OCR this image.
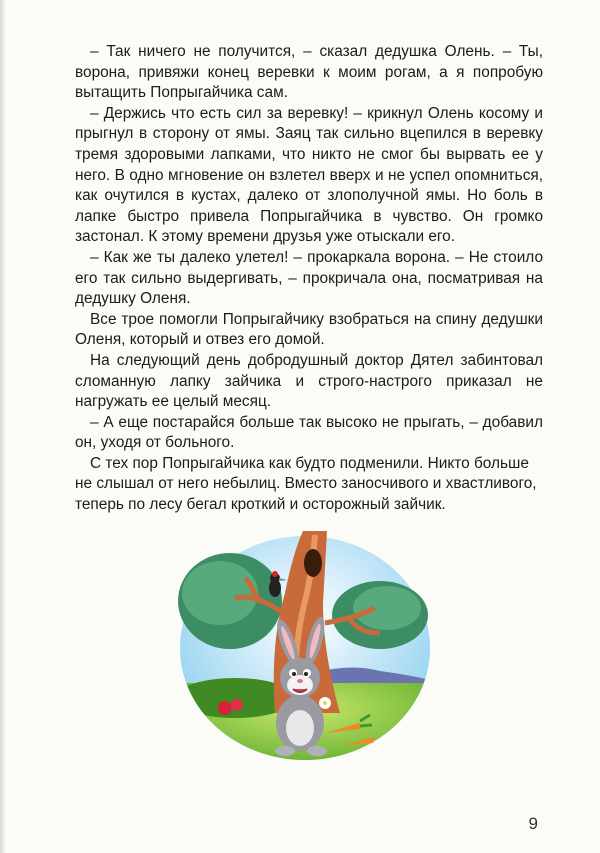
– Так ничего не получится, – сказал дедушка Олень. – Ты, ворона, привяжи конец веревки к моим рогам, а я попробую вытащить Попрыгайчика сам.

– Держись что есть сил за веревку! – крикнул Олень косому и прыгнул в сторону от ямы. Заяц так сильно вцепился в веревку тремя здоровыми лапками, что никто не смог бы вырвать ее у него. В одно мгновение он взлетел вверх и не успел опомниться, как очутился в кустах, далеко от злополучной ямы. Но боль в лапке быстро привела Попрыгайчика в чувство. Он громко застонал. К этому времени друзья уже отыскали его.

– Как же ты далеко улетел! – прокаркала ворона. – Не стоило его так сильно выдергивать, – прокричала она, посматривая на дедушку Оленя.

Все трое помогли Попрыгайчику взобраться на спину дедушки Оленя, который и отвез его домой.

На следующий день добродушный доктор Дятел забинтовал сломанную лапку зайчика и строго-настрого приказал не нагружать ее целый месяц.

– А еще постарайся больше так высоко не прыгать, – добавил он, уходя от больного.

С тех пор Попрыгайчика как будто подменили. Никто больше не слышал от него небылиц. Вместо заносчивого и хвастливого, теперь по лесу бегал кроткий и осторожный зайчик.

9
